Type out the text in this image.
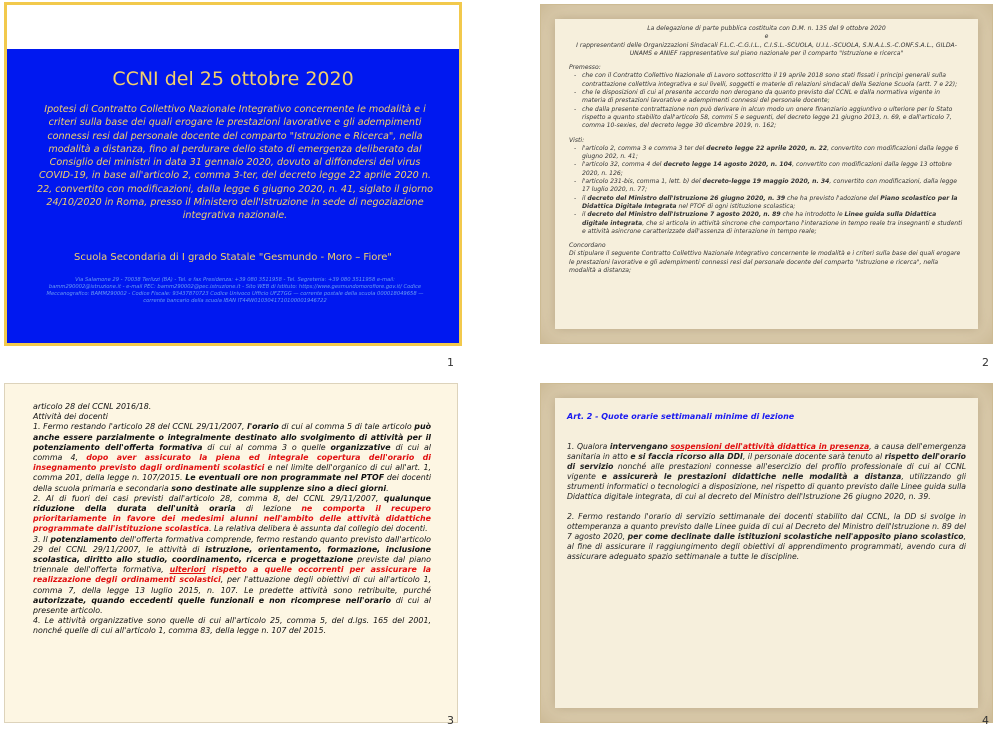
CCNI del 25 ottobre 2020
Ipotesi di Contratto Collettivo Nazionale Integrativo concernente le modalità e i criteri sulla base dei quali erogare le prestazioni lavorative e gli adempimenti connessi resi dal personale docente del comparto "Istruzione e Ricerca", nella modalità a distanza, fino al perdurare dello stato di emergenza deliberato dal Consiglio dei ministri in data 31 gennaio 2020, dovuto al diffondersi del virus COVID-19, in base all'articolo 2, comma 3-ter, del decreto legge 22 aprile 2020 n. 22, convertito con modificazioni, dalla legge 6 giugno 2020, n. 41, siglato il giorno 24/10/2020 in Roma, presso il Ministero dell'Istruzione in sede di negoziazione integrativa nazionale.
Scuola Secondaria di I grado Statale "Gesmundo - Moro – Fiore"
Via Salamone 29 - 70038 Terlizzi (BA) - Tel. e fax Presidenza: +39 080 3511958 - Tel. Segreteria: +39 080 3511958 e-mail: bamm290002@istruzione.it - e-mail PEC: bamm290002@pec.istruzione.it - Sito WEB di Istituto: https://www.gesmundomorofiore.gov.it/ Codice Meccanografico: BAMM290002 - Codice Fiscale: 93437870723 Codice Univoco Ufficio UFZ7GG — corrente postale della scuola 000018049658 — corrente bancario della scuola IBAN IT44W0103041710100001946722
1
La delegazione di parte pubblica costituita con D.M. n. 135 del 9 ottobre 2020
e
I rappresentanti delle Organizzazioni Sindacali F.L.C.-C.G.I.L., C.I.S.L.-SCUOLA, U.I.L.-SCUOLA, S.N.A.L.S.-C.ONF.S.A.L., GILDA-UNAMS e ANIEF rappresentative sul piano nazionale per il comparto "Istruzione e ricerca"
Premesso:
- che con il Contratto Collettivo Nazionale di Lavoro sottoscritto il 19 aprile 2018 sono stati fissati i principi generali sulla contrattazione collettiva integrativa e sui livelli, soggetti e materie di relazioni sindacali della Sezione Scuola (artt. 7 e 22);
- che le disposizioni di cui al presente accordo non derogano da quanto previsto dal CCNL e dalla normativa vigente in materia di prestazioni lavorative e adempimenti connessi del personale docente;
- che dalla presente contrattazione non può derivare in alcun modo un onere finanziario aggiuntivo o ulteriore per lo Stato rispetto a quanto stabilito dall'articolo 58, commi 5 e seguenti, del decreto legge 21 giugno 2013, n. 69, e dall'articolo 7, comma 10-sexies, del decreto legge 30 dicembre 2019, n. 162;
Visti:
- l'articolo 2, comma 3 e comma 3 ter del decreto legge 22 aprile 2020, n. 22, convertito con modificazioni dalla legge 6 giugno 202, n. 41;
- l'articolo 32, comma 4 del decreto legge 14 agosto 2020, n. 104, convertito con modificazioni dalla legge 13 ottobre 2020, n. 126;
- l'articolo 231-bis, comma 1, lett. b) del decreto-legge 19 maggio 2020, n. 34, convertito con modificazioni, dalla legge 17 luglio 2020, n. 77;
- il decreto del Ministro dell'Istruzione 26 giugno 2020, n. 39 che ha previsto l'adozione del Piano scolastico per la Didattica Digitale Integrata nel PTOF di ogni istituzione scolastica;
- il decreto del Ministro dell'Istruzione 7 agosto 2020, n. 89 che ha introdotto le Linee guida sulla Didattica digitale integrata, che si articola in attività sincrone che comportano l'interazione in tempo reale tra insegnanti e studenti e attività asincrone caratterizzate dall'assenza di interazione in tempo reale;
Concordano
Di stipulare il seguente Contratto Collettivo Nazionale Integrativo concernente le modalità e i criteri sulla base dei quali erogare le prestazioni lavorative e gli adempimenti connessi resi dal personale docente del comparto "Istruzione e ricerca", nella modalità a distanza;
2
articolo 28 del CCNL 2016/18.
Attività dei docenti
1. Fermo restando l'articolo 28 del CCNL 29/11/2007, l'orario di cui al comma 5 di tale articolo può anche essere parzialmente o integralmente destinato allo svolgimento di attività per il potenziamento dell'offerta formativa di cui al comma 3 o quelle organizzative di cui al comma 4, dopo aver assicurato la piena ed integrale copertura dell'orario di insegnamento previsto dagli ordinamenti scolastici e nel limite dell'organico di cui all'art. 1, comma 201, della legge n. 107/2015. Le eventuali ore non programmate nel PTOF dei docenti della scuola primaria e secondaria sono destinate alle supplenze sino a dieci giorni.
2. Al di fuori dei casi previsti dall'articolo 28, comma 8, del CCNL 29/11/2007, qualunque riduzione della durata dell'unità oraria di lezione ne comporta il recupero prioritariamente in favore dei medesimi alunni nell'ambito delle attività didattiche programmate dall'istituzione scolastica. La relativa delibera è assunta dal collegio dei docenti.
3. Il potenziamento dell'offerta formativa comprende, fermo restando quanto previsto dall'articolo 29 del CCNL 29/11/2007, le attività di istruzione, orientamento, formazione, inclusione scolastica, diritto allo studio, coordinamento, ricerca e progettazione previste dal piano triennale dell'offerta formativa, ulteriori rispetto a quelle occorrenti per assicurare la realizzazione degli ordinamenti scolastici, per l'attuazione degli obiettivi di cui all'articolo 1, comma 7, della legge 13 luglio 2015, n. 107. Le predette attività sono retribuite, purché autorizzate, quando eccedenti quelle funzionali e non ricomprese nell'orario di cui al presente articolo.
4. Le attività organizzative sono quelle di cui all'articolo 25, comma 5, del d.lgs. 165 del 2001, nonché quelle di cui all'articolo 1, comma 83, della legge n. 107 del 2015.
3
Art. 2 - Quote orarie settimanali minime di lezione

1. Qualora intervengano sospensioni dell'attività didattica in presenza, a causa dell'emergenza sanitaria in atto e si faccia ricorso alla DDI, il personale docente sarà tenuto al rispetto dell'orario di servizio nonché alle prestazioni connesse all'esercizio del profilo professionale di cui al CCNL vigente e assicurerà le prestazioni didattiche nelle modalità a distanza, utilizzando gli strumenti informatici o tecnologici a disposizione, nel rispetto di quanto previsto dalle Linee guida sulla Didattica digitale integrata, di cui al decreto del Ministro dell'Istruzione 26 giugno 2020, n. 39.

2. Fermo restando l'orario di servizio settimanale dei docenti stabilito dal CCNL, la DD si svolge in ottemperanza a quanto previsto dalle Linee guida di cui al Decreto del Ministro dell'Istruzione n. 89 del 7 agosto 2020, per come declinate dalle istituzioni scolastiche nell'apposito piano scolastico, al fine di assicurare il raggiungimento degli obiettivi di apprendimento programmati, avendo cura di assicurare adeguato spazio settimanale a tutte le discipline.

4
